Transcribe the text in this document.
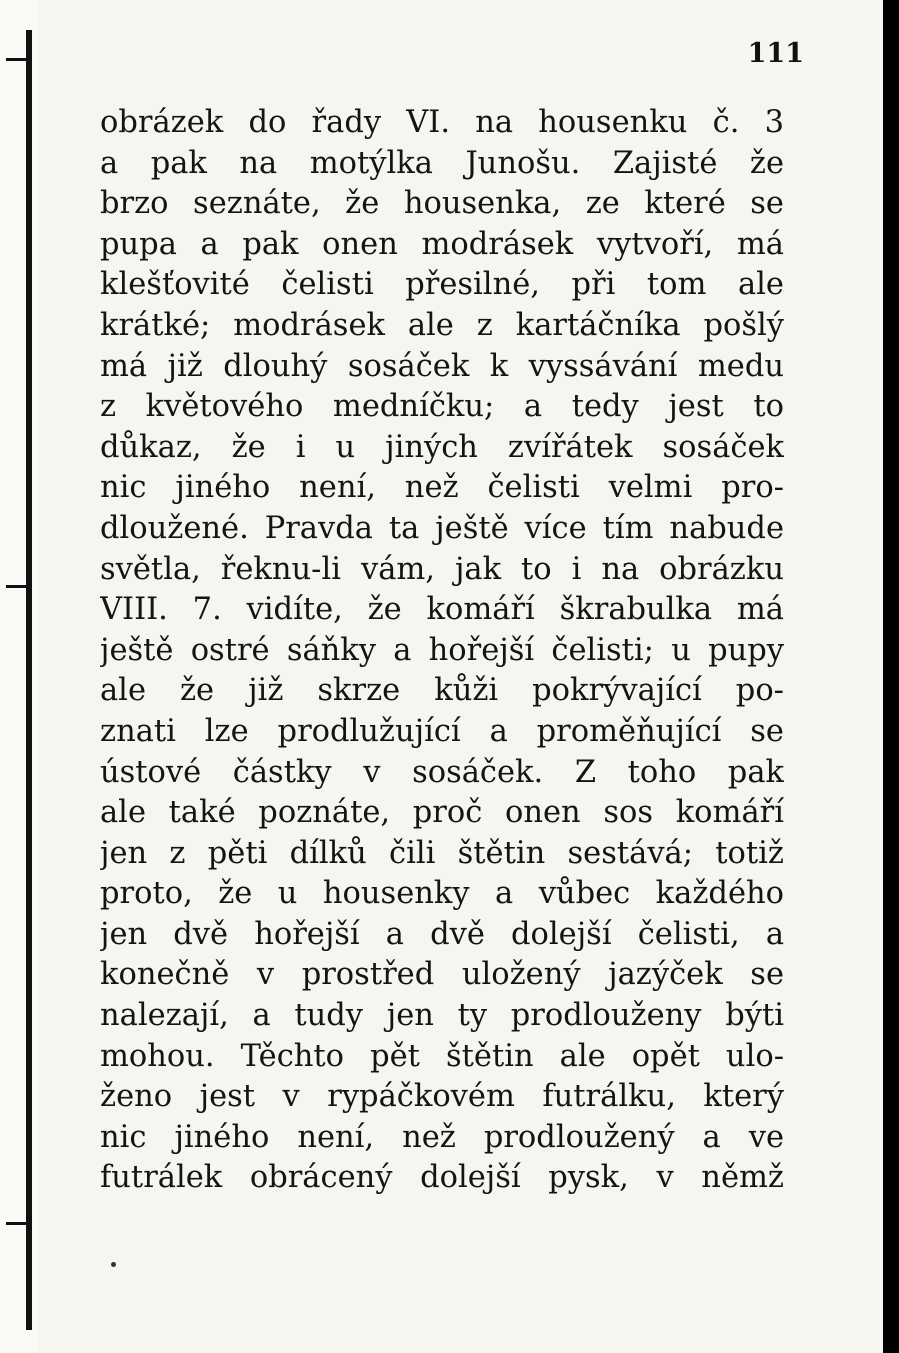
111
obrázek do řady VI. na housenku č. 3
a pak na motýlka Junošu. Zajisté že
brzo seznáte, že housenka, ze které se
pupa a pak onen modrásek vytvoří, má
klešťovité čelisti přesilné, při tom ale
krátké; modrásek ale z kartáčníka pošlý
má již dlouhý sosáček k vyssávání medu
z květového medníčku; a tedy jest to
důkaz, že i u jiných zvířátek sosáček
nic jiného není, než čelisti velmi pro-
dloužené. Pravda ta ještě více tím nabude
světla, řeknu-li vám, jak to i na obrázku
VIII. 7. vidíte, že komáří škrabulka má
ještě ostré sáňky a hořejší čelisti; u pupy
ale že již skrze kůži pokrývající po-
znati lze prodlužující a proměňující se
ústové částky v sosáček. Z toho pak
ale také poznáte, proč onen sos komáří
jen z pěti dílků čili štětin sestává; totiž
proto, že u housenky a vůbec každého
jen dvě hořejší a dvě dolejší čelisti, a
konečně v prostřed uložený jazýček se
nalezají, a tudy jen ty prodlouženy býti
mohou. Těchto pět štětin ale opět ulo-
ženo jest v rypáčkovém futrálku, který
nic jiného není, než prodloužený a ve
futrálek obrácený dolejší pysk, v němž
